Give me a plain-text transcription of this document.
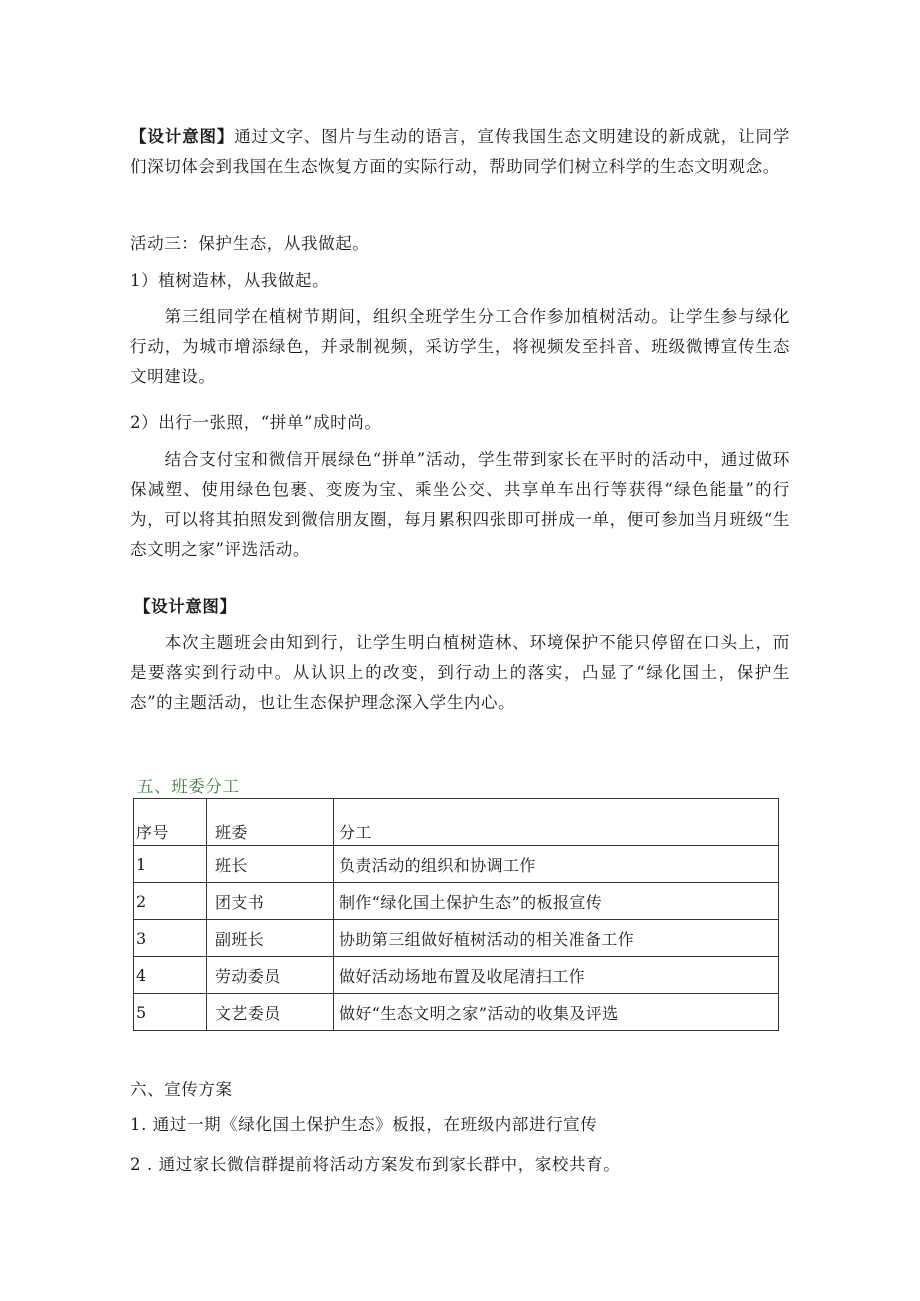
【设计意图】通过文字、图片与生动的语言，宣传我国生态文明建设的新成就，让同学们深切体会到我国在生态恢复方面的实际行动，帮助同学们树立科学的生态文明观念。

活动三：保护生态，从我做起。

1）植树造林，从我做起。

第三组同学在植树节期间，组织全班学生分工合作参加植树活动。让学生参与绿化行动，为城市增添绿色，并录制视频，采访学生，将视频发至抖音、班级微博宣传生态文明建设。

2）出行一张照，“拼单”成时尚。

结合支付宝和微信开展绿色“拼单”活动，学生带到家长在平时的活动中，通过做环保减塑、使用绿色包裹、变废为宝、乘坐公交、共享单车出行等获得“绿色能量”的行为，可以将其拍照发到微信朋友圈，每月累积四张即可拼成一单，便可参加当月班级“生态文明之家”评选活动。

【设计意图】

本次主题班会由知到行，让学生明白植树造林、环境保护不能只停留在口头上，而是要落实到行动中。从认识上的改变，到行动上的落实，凸显了“绿化国土，保护生态”的主题活动，也让生态保护理念深入学生内心。

五、班委分工

序号	班委	分工
1	班长	负责活动的组织和协调工作
2	团支书	制作“绿化国土保护生态”的板报宣传
3	副班长	协助第三组做好植树活动的相关准备工作
4	劳动委员	做好活动场地布置及收尾清扫工作
5	文艺委员	做好“生态文明之家”活动的收集及评选

六、宣传方案

1. 通过一期《绿化国土保护生态》板报，在班级内部进行宣传

2 . 通过家长微信群提前将活动方案发布到家长群中，家校共育。
